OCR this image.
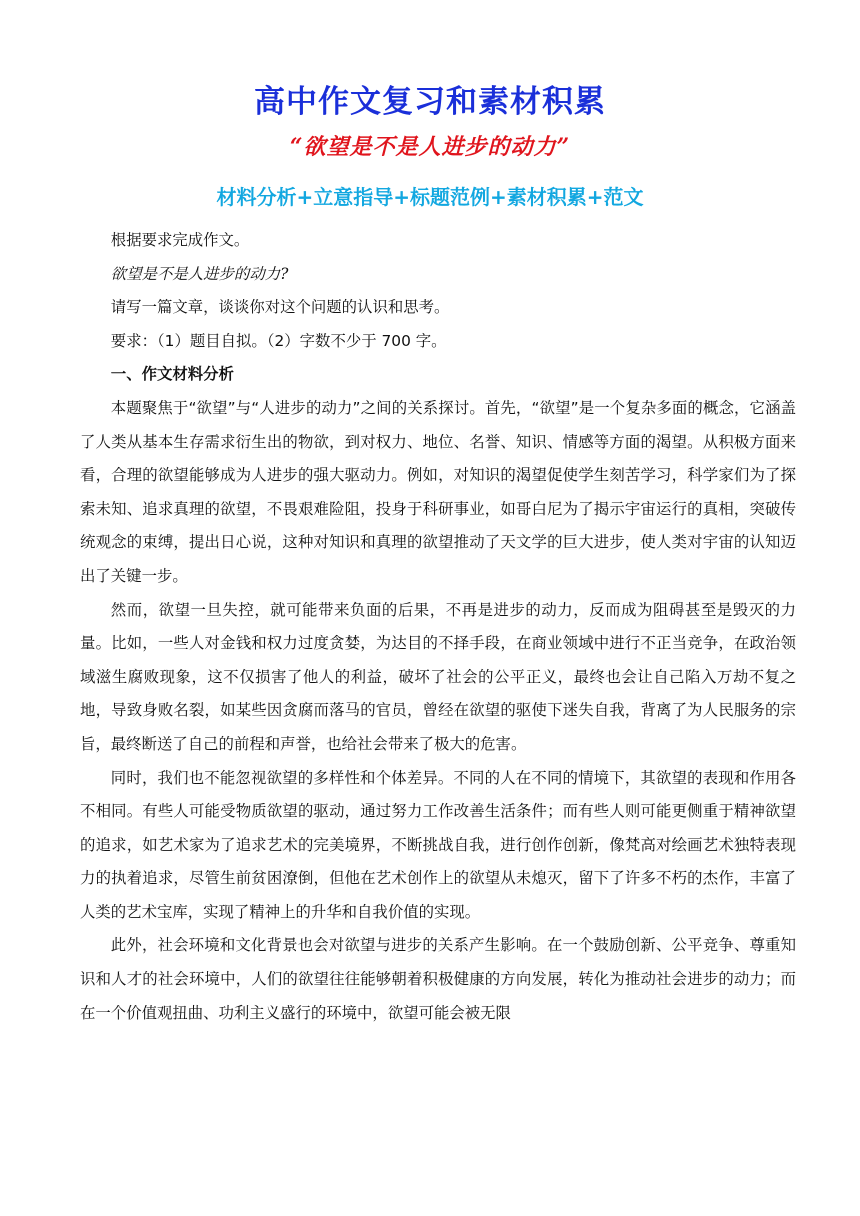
高中作文复习和素材积累
“欲望是不是人进步的动力”
材料分析+立意指导+标题范例+素材积累+范文

根据要求完成作文。

欲望是不是人进步的动力?

请写一篇文章，谈谈你对这个问题的认识和思考。

要求：（1）题目自拟。（2）字数不少于 700 字。

一、作文材料分析

本题聚焦于“欲望”与“人进步的动力”之间的关系探讨。首先，“欲望”是一个复杂多面的概念，它涵盖了人类从基本生存需求衍生出的物欲，到对权力、地位、名誉、知识、情感等方面的渴望。从积极方面来看，合理的欲望能够成为人进步的强大驱动力。例如，对知识的渴望促使学生刻苦学习，科学家们为了探索未知、追求真理的欲望，不畏艰难险阻，投身于科研事业，如哥白尼为了揭示宇宙运行的真相，突破传统观念的束缚，提出日心说，这种对知识和真理的欲望推动了天文学的巨大进步，使人类对宇宙的认知迈出了关键一步。

然而，欲望一旦失控，就可能带来负面的后果，不再是进步的动力，反而成为阻碍甚至是毁灭的力量。比如，一些人对金钱和权力过度贪婪，为达目的不择手段，在商业领域中进行不正当竞争，在政治领域滋生腐败现象，这不仅损害了他人的利益，破坏了社会的公平正义，最终也会让自己陷入万劫不复之地，导致身败名裂，如某些因贪腐而落马的官员，曾经在欲望的驱使下迷失自我，背离了为人民服务的宗旨，最终断送了自己的前程和声誉，也给社会带来了极大的危害。

同时，我们也不能忽视欲望的多样性和个体差异。不同的人在不同的情境下，其欲望的表现和作用各不相同。有些人可能受物质欲望的驱动，通过努力工作改善生活条件；而有些人则可能更侧重于精神欲望的追求，如艺术家为了追求艺术的完美境界，不断挑战自我，进行创作创新，像梵高对绘画艺术独特表现力的执着追求，尽管生前贫困潦倒，但他在艺术创作上的欲望从未熄灭，留下了许多不朽的杰作，丰富了人类的艺术宝库，实现了精神上的升华和自我价值的实现。

此外，社会环境和文化背景也会对欲望与进步的关系产生影响。在一个鼓励创新、公平竞争、尊重知识和人才的社会环境中，人们的欲望往往能够朝着积极健康的方向发展，转化为推动社会进步的动力；而在一个价值观扭曲、功利主义盛行的环境中，欲望可能会被无限
